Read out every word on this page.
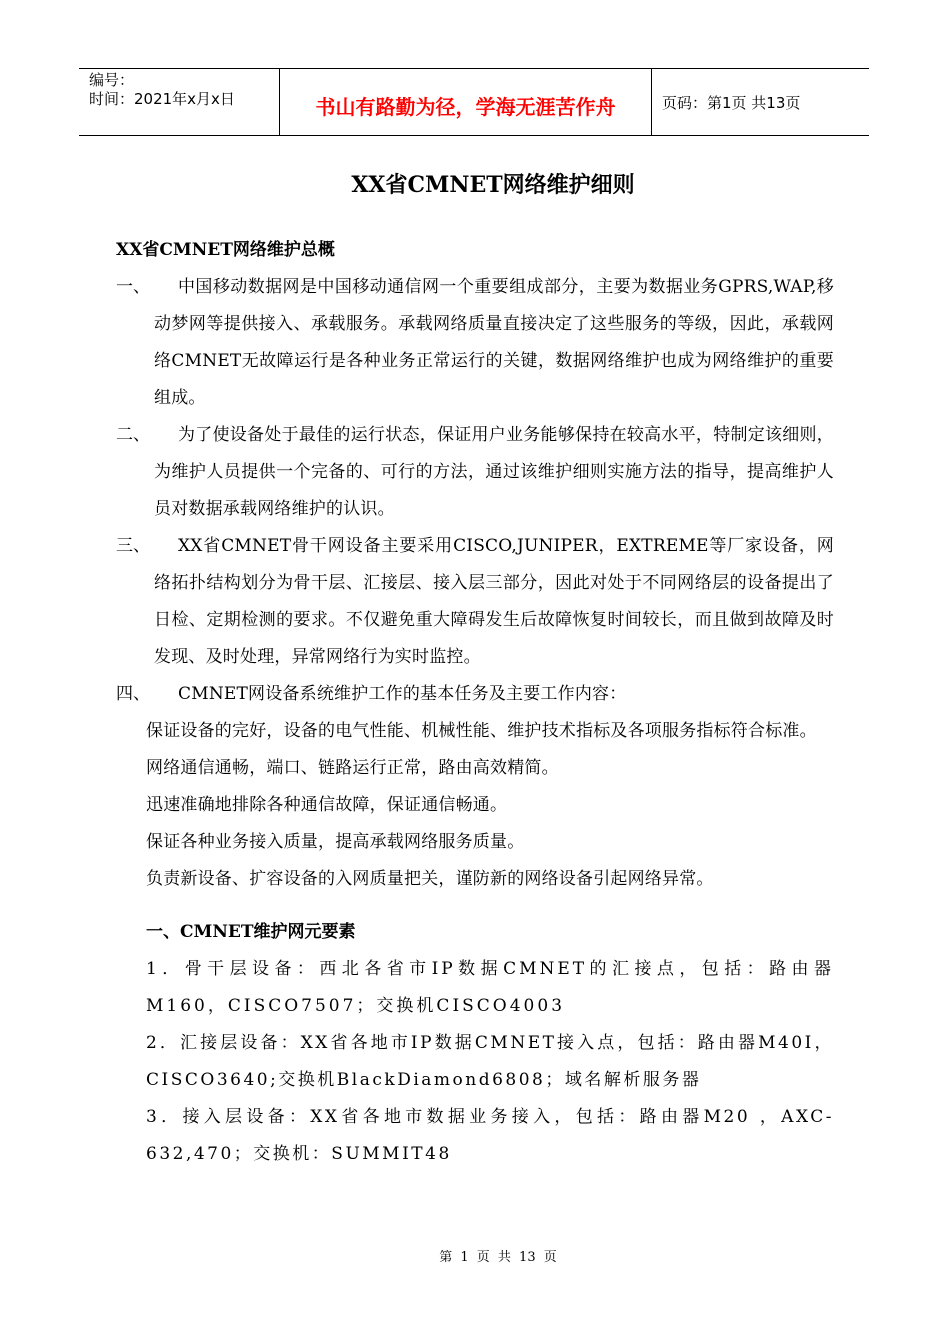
编号：
时间：2021年x月x日	书山有路勤为径，学海无涯苦作舟	页码：第1页 共13页
XX省CMNET网络维护细则
XX省CMNET网络维护总概
一、	中国移动数据网是中国移动通信网一个重要组成部分，主要为数据业务GPRS,WAP,移动梦网等提供接入、承载服务。承载网络质量直接决定了这些服务的等级，因此，承载网络CMNET无故障运行是各种业务正常运行的关键，数据网络维护也成为网络维护的重要组成。
二、	为了使设备处于最佳的运行状态，保证用户业务能够保持在较高水平，特制定该细则，为维护人员提供一个完备的、可行的方法，通过该维护细则实施方法的指导，提高维护人员对数据承载网络维护的认识。
三、	XX省CMNET骨干网设备主要采用CISCO,JUNIPER，EXTREME等厂家设备，网络拓扑结构划分为骨干层、汇接层、接入层三部分，因此对处于不同网络层的设备提出了日检、定期检测的要求。不仅避免重大障碍发生后故障恢复时间较长，而且做到故障及时发现、及时处理，异常网络行为实时监控。
四、	CMNET网设备系统维护工作的基本任务及主要工作内容：
保证设备的完好，设备的电气性能、机械性能、维护技术指标及各项服务指标符合标准。
网络通信通畅，端口、链路运行正常，路由高效精简。
迅速准确地排除各种通信故障，保证通信畅通。
保证各种业务接入质量，提高承载网络服务质量。
负责新设备、扩容设备的入网质量把关，谨防新的网络设备引起网络异常。
一、CMNET维护网元要素
1．骨干层设备：西北各省市IP数据CMNET的汇接点，包括：路由器M160，CISCO7507；交换机CISCO4003
2．汇接层设备：XX省各地市IP数据CMNET接入点，包括：路由器M40I，CISCO3640;交换机BlackDiamond6808；域名解析服务器
3．接入层设备：XX省各地市数据业务接入，包括：路由器M20 ，AXC-632,470；交换机：SUMMIT48
第 1 页 共 13 页
